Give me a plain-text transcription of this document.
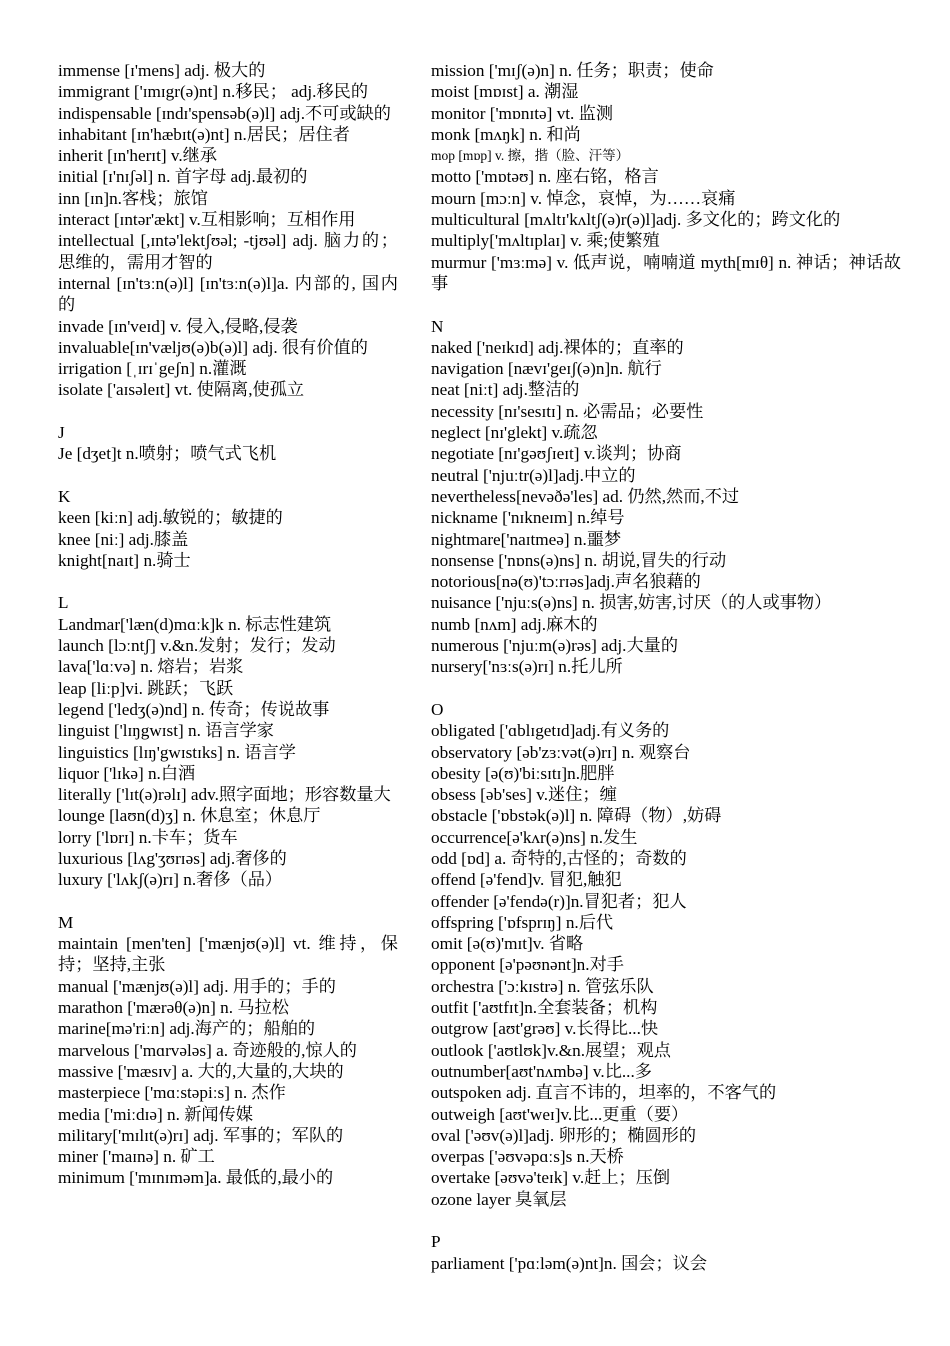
immense [ɪ'mens] adj. 极大的

immigrant ['ɪmɪgr(ə)nt] n.移民； adj.移民的

indispensable [ɪndɪ'spensəb(ə)l] adj.不可或缺的

inhabitant [ɪn'hæbɪt(ə)nt] n.居民；居住者

inherit [ɪn'herɪt] v.继承

initial [ɪ'nɪʃəl] n. 首字母 adj.最初的

inn [ɪn]n.客栈；旅馆

interact [ɪntər'ækt] v.互相影响；互相作用

intellectual [,ɪntə'lektʃʊəl; -tjʊəl] adj. 脑力的；思维的，需用才智的

internal [ɪn'tɜːn(ə)l] [ɪn'tɜːn(ə)l]a. 内部的, 国内的

invade [ɪn'veɪd] v. 侵入,侵略,侵袭

invaluable[ɪn'væljʊ(ə)b(ə)l] adj. 很有价值的

irrigation [ˌɪrɪˈgeʃn] n.灌溉

isolate ['aɪsəleɪt] vt. 使隔离,使孤立

J

Je [dʒet]t n.喷射；喷气式飞机

K

keen [kiːn] adj.敏锐的；敏捷的

knee [niː] adj.膝盖

knight[naɪt] n.骑士

L

Landmar['læn(d)mɑːk]k n. 标志性建筑

launch [lɔːntʃ] v.&n.发射；发行；发动

lava['lɑːvə] n. 熔岩；岩浆

leap [liːp]vi. 跳跃；飞跃

legend ['ledʒ(ə)nd] n. 传奇；传说故事

linguist ['lɪŋgwɪst] n. 语言学家

linguistics [lɪŋ'gwɪstɪks] n. 语言学

liquor ['lɪkə] n.白酒

literally ['lɪt(ə)rəlɪ] adv.照字面地；形容数量大

lounge [laʊn(d)ʒ] n. 休息室；休息厅

lorry ['lɒrɪ] n.卡车；货车

luxurious [lʌg'ʒʊrɪəs] adj.奢侈的

luxury ['lʌkʃ(ə)rɪ] n.奢侈（品）

M

maintain [men'ten] ['mænjʊ(ə)l] vt. 维持，保持；坚持,主张

manual ['mænjʊ(ə)l] adj. 用手的；手的

marathon ['mærəθ(ə)n] n. 马拉松

marine[mə'riːn] adj.海产的；船舶的

marvelous ['mɑrvələs] a. 奇迹般的,惊人的

massive ['mæsɪv] a. 大的,大量的,大块的

masterpiece ['mɑːstəpiːs] n. 杰作

media ['miːdɪə] n. 新闻传媒

military['mɪlɪt(ə)rɪ] adj. 军事的；军队的

miner ['maɪnə] n. 矿工

minimum ['mɪnɪməm]a. 最低的,最小的

mission ['mɪʃ(ə)n] n. 任务；职责；使命

moist [mɒɪst] a. 潮湿

monitor ['mɒnɪtə] vt. 监测

monk [mʌŋk] n. 和尚

mop [mɒp] v. 擦，揩（脸、汗等）

motto ['mɒtəʊ] n. 座右铭，格言

mourn [mɔːn] v. 悼念，哀悼，为……哀痛

multicultural [mʌltɪ'kʌltʃ(ə)r(ə)l]adj. 多文化的；跨文化的

multiply['mʌltɪplaɪ] v. 乘;使繁殖

murmur ['mɜːmə] v. 低声说，喃喃道 myth[mɪθ] n. 神话；神话故事

N

naked ['neɪkɪd] adj.裸体的；直率的

navigation [nævɪ'geɪʃ(ə)n]n. 航行

neat [niːt] adj.整洁的

necessity [nɪ'sesɪtɪ] n. 必需品；必要性

neglect [nɪ'glekt] v.疏忽

negotiate [nɪ'gəʊʃɪeɪt] v.谈判；协商

neutral ['njuːtr(ə)l]adj.中立的

nevertheless[nevəðə'les] ad. 仍然,然而,不过

nickname ['nɪkneɪm] n.绰号

nightmare['naɪtmeə] n.噩梦

nonsense ['nɒns(ə)ns] n. 胡说,冒失的行动

notorious[nə(ʊ)'tɔːrɪəs]adj.声名狼藉的

nuisance ['njuːs(ə)ns] n. 损害,妨害,讨厌（的人或事物）

numb [nʌm] adj.麻木的

numerous ['njuːm(ə)rəs] adj.大量的

nursery['nɜːs(ə)rɪ] n.托儿所

O

obligated ['ɑblɪgetɪd]adj.有义务的

observatory [əb'zɜːvət(ə)rɪ] n. 观察台

obesity [ə(ʊ)'biːsɪtɪ]n.肥胖

obsess [əb'ses] v.迷住；缠

obstacle ['ɒbstək(ə)l] n. 障碍（物）,妨碍

occurrence[ə'kʌr(ə)ns] n.发生

odd [ɒd] a. 奇特的,古怪的；奇数的

offend [ə'fend]v. 冒犯,触犯

offender [ə'fendə(r)]n.冒犯者；犯人

offspring ['ɒfsprɪŋ] n.后代

omit [ə(ʊ)'mɪt]v. 省略

opponent [ə'pəʊnənt]n.对手

orchestra ['ɔːkɪstrə] n. 管弦乐队

outfit ['aʊtfɪt]n.全套装备；机构

outgrow [aʊt'grəʊ] v.长得比...快

outlook ['aʊtlʊk]v.&n.展望；观点

outnumber[aʊt'nʌmbə] v.比...多

outspoken adj. 直言不讳的，坦率的，不客气的

outweigh [aʊt'weɪ]v.比...更重（要）

oval ['əʊv(ə)l]adj. 卵形的；椭圆形的

overpas ['əʊvəpɑːs]s n.天桥

overtake [əʊvə'teɪk] v.赶上；压倒

ozone layer 臭氧层

P

parliament ['pɑːləm(ə)nt]n. 国会；议会
